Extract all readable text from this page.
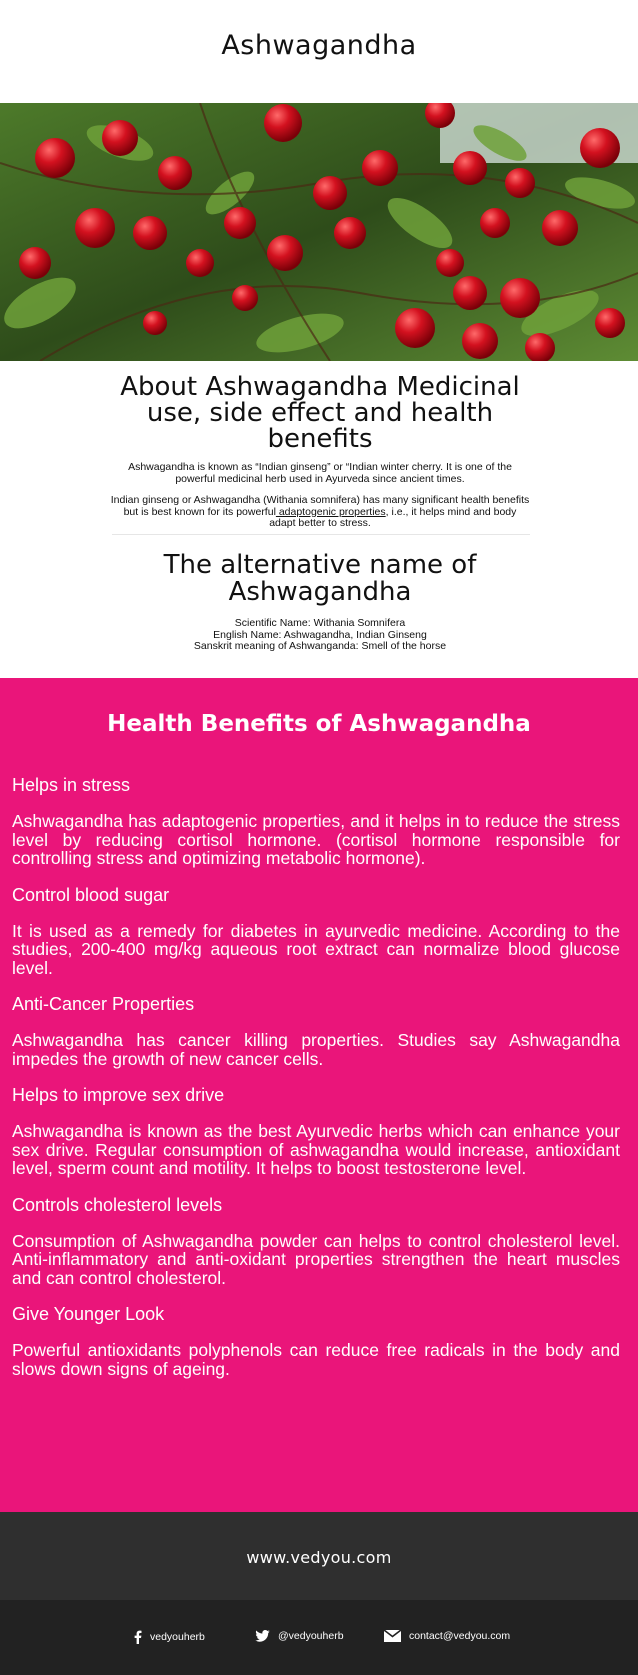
Ashwagandha
About Ashwagandha Medicinal use, side effect and health benefits

Ashwagandha is known as “Indian ginseng” or “Indian winter cherry. It is one of the powerful medicinal herb used in Ayurveda since ancient times.

Indian ginseng or Ashwagandha (Withania somnifera) has many significant health benefits but is best known for its powerful adaptogenic properties, i.e., it helps mind and body adapt better to stress.

The alternative name of Ashwagandha
Scientific Name: Withania Somnifera
English Name: Ashwagandha, Indian Ginseng
Sanskrit meaning of Ashwanganda: Smell of the horse
Health Benefits of Ashwagandha
Helps in stress

Ashwagandha has adaptogenic properties, and it helps in to reduce the stress level by reducing cortisol hormone. (cortisol hormone responsible for controlling stress and optimizing metabolic hormone).

Control blood sugar

It is used as a remedy for diabetes in ayurvedic medicine. According to the studies, 200-400 mg/kg aqueous root extract can normalize blood glucose level.

Anti-Cancer Properties

Ashwagandha has cancer killing properties. Studies say Ashwagandha impedes the growth of new cancer cells.

Helps to improve sex drive

Ashwagandha is known as the best Ayurvedic herbs which can enhance your sex drive. Regular consumption of ashwagandha would increase, antioxidant level, sperm count and motility. It helps to boost testosterone level.

Controls cholesterol levels

Consumption of Ashwagandha powder can helps to control cholesterol level. Anti-inflammatory and anti-oxidant properties strengthen the heart muscles and can control cholesterol.

Give Younger Look

Powerful antioxidants polyphenols can reduce free radicals in the body and slows down signs of ageing.

www.vedyou.com
vedyouherb	@vedyouherb	contact@vedyou.com
